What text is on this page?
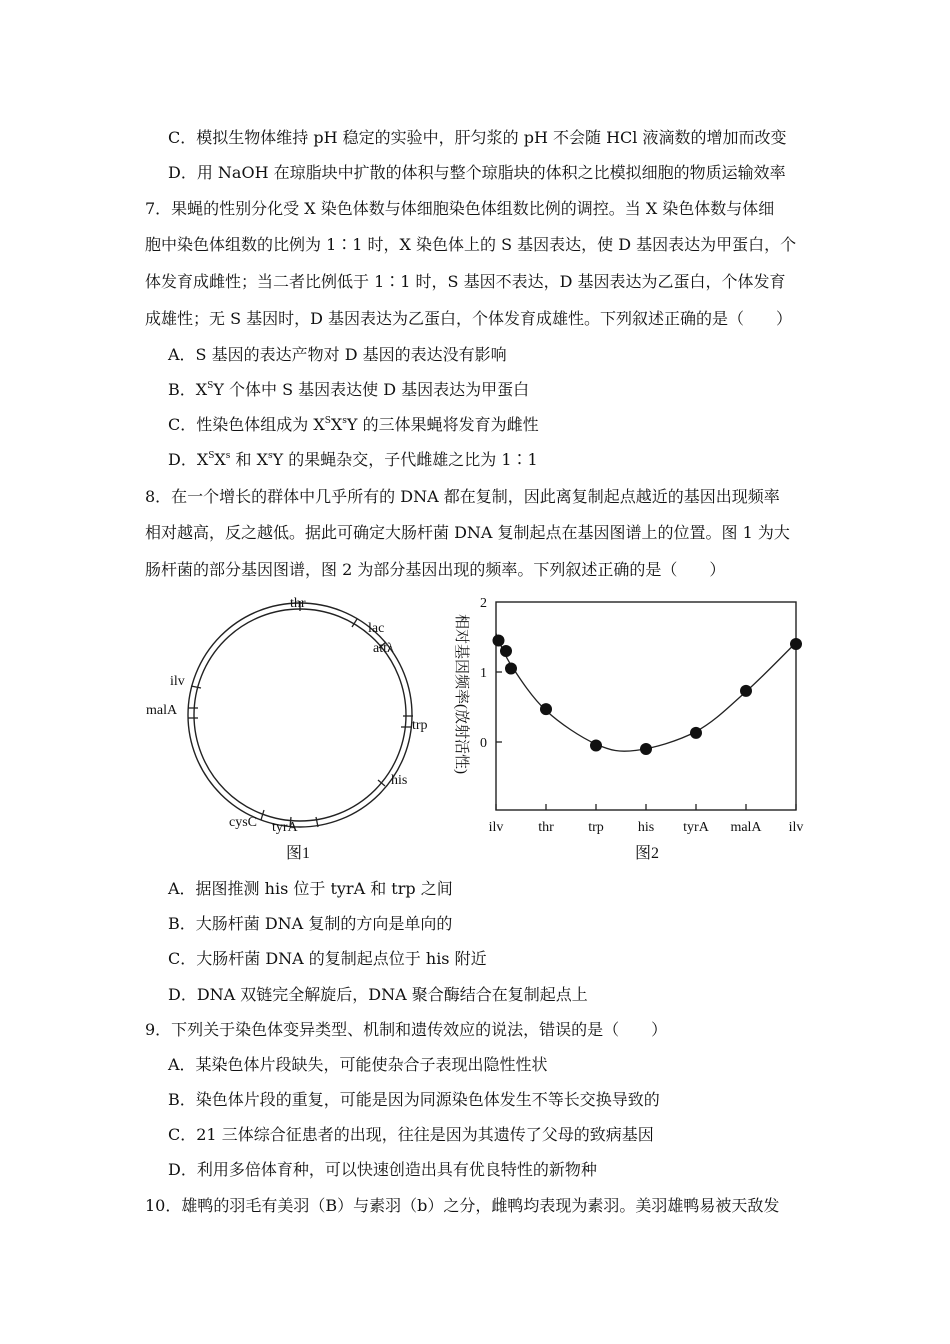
C．模拟生物体维持 pH 稳定的实验中，肝匀浆的 pH 不会随 HCl 液滴数的增加而改变
D．用 NaOH 在琼脂块中扩散的体积与整个琼脂块的体积之比模拟细胞的物质运输效率
7．果蝇的性别分化受 X 染色体数与体细胞染色体组数比例的调控。当 X 染色体数与体细
胞中染色体组数的比例为 1∶1 时，X 染色体上的 S 基因表达，使 D 基因表达为甲蛋白，个
体发育成雌性；当二者比例低于 1∶1 时，S 基因不表达，D 基因表达为乙蛋白，个体发育
成雄性；无 S 基因时，D 基因表达为乙蛋白，个体发育成雄性。下列叙述正确的是（　　）
A．S 基因的表达产物对 D 基因的表达没有影响
B．$X^SY$ 个体中 S 基因表达使 D 基因表达为甲蛋白
C．性染色体组成为 $X^SX^sY$ 的三体果蝇将发育为雌性
D．$X^SX^s$ 和 $X^sY$ 的果蝇杂交，子代雌雄之比为 1∶1
8．在一个增长的群体中几乎所有的 DNA 都在复制，因此离复制起点越近的基因出现频率
相对越高，反之越低。据此可确定大肠杆菌 DNA 复制起点在基因图谱上的位置。图 1 为大
肠杆菌的部分基因图谱，图 2 为部分基因出现的频率。下列叙述正确的是（　　）
thr
lac
attλ
trp
his
tyrA
cysC
malA
ilv
图1
2
1
0
相对基因频率(放射活性)
ilv thr trp his tyrA malA ilv
图2
A．据图推测 his 位于 tyrA 和 trp 之间
B．大肠杆菌 DNA 复制的方向是单向的
C．大肠杆菌 DNA 的复制起点位于 his 附近
D．DNA 双链完全解旋后，DNA 聚合酶结合在复制起点上
9．下列关于染色体变异类型、机制和遗传效应的说法，错误的是（　　）
A．某染色体片段缺失，可能使杂合子表现出隐性性状
B．染色体片段的重复，可能是因为同源染色体发生不等长交换导致的
C．21 三体综合征患者的出现，往往是因为其遗传了父母的致病基因
D．利用多倍体育种，可以快速创造出具有优良特性的新物种
10．雄鸭的羽毛有美羽（B）与素羽（b）之分，雌鸭均表现为素羽。美羽雄鸭易被天敌发
